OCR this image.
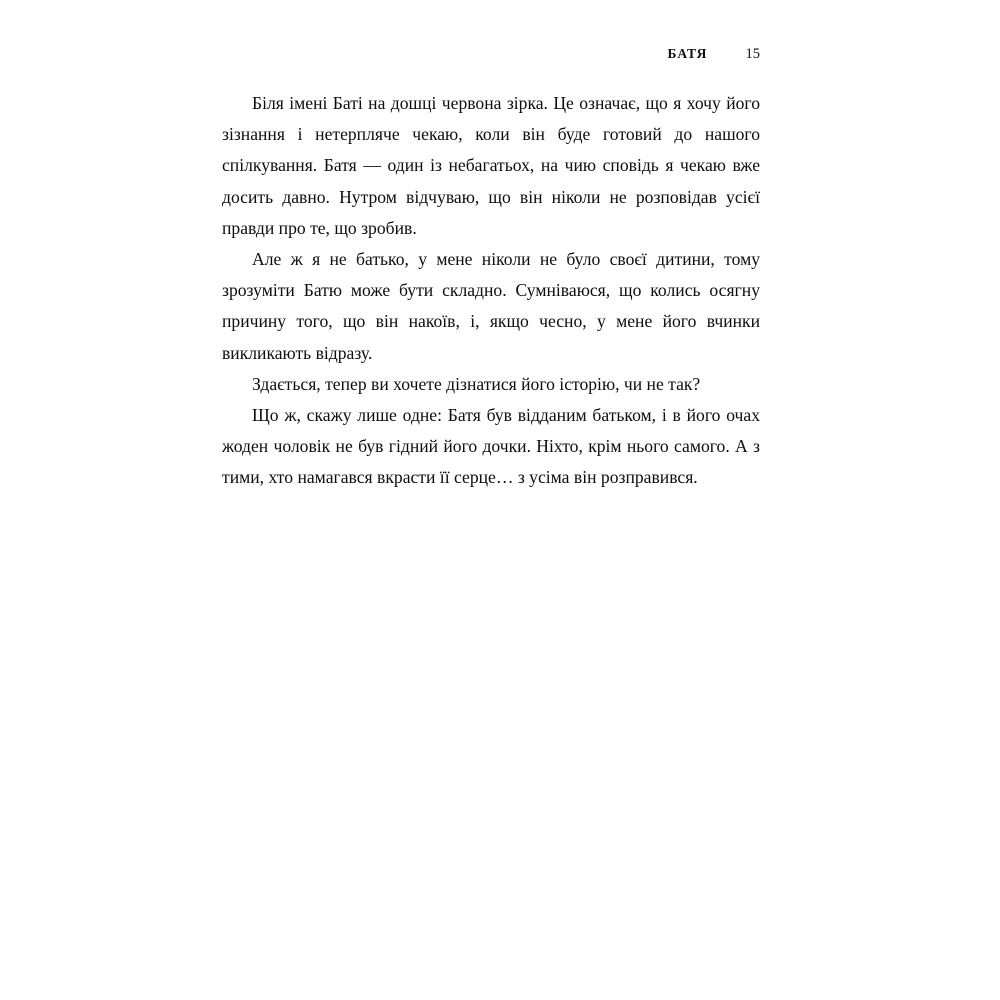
БАТЯ	15

Біля імені Баті на дошці червона зірка. Це означає, що я хочу його зізнання і нетерпляче чекаю, коли він буде готовий до нашого спілкування. Батя — один із небагатьох, на чию сповідь я чекаю вже досить давно. Нутром відчуваю, що він ніколи не розповідав усієї правди про те, що зробив.

Але ж я не батько, у мене ніколи не було своєї дитини, тому зрозуміти Батю може бути складно. Сумніваюся, що колись осягну причину того, що він накоїв, і, якщо чесно, у мене його вчинки викликають відразу.

Здається, тепер ви хочете дізнатися його історію, чи не так?

Що ж, скажу лише одне: Батя був відданим батьком, і в його очах жоден чоловік не був гідний його дочки. Ніхто, крім нього самого. А з тими, хто намагався вкрасти її серце… з усіма він розправився.
